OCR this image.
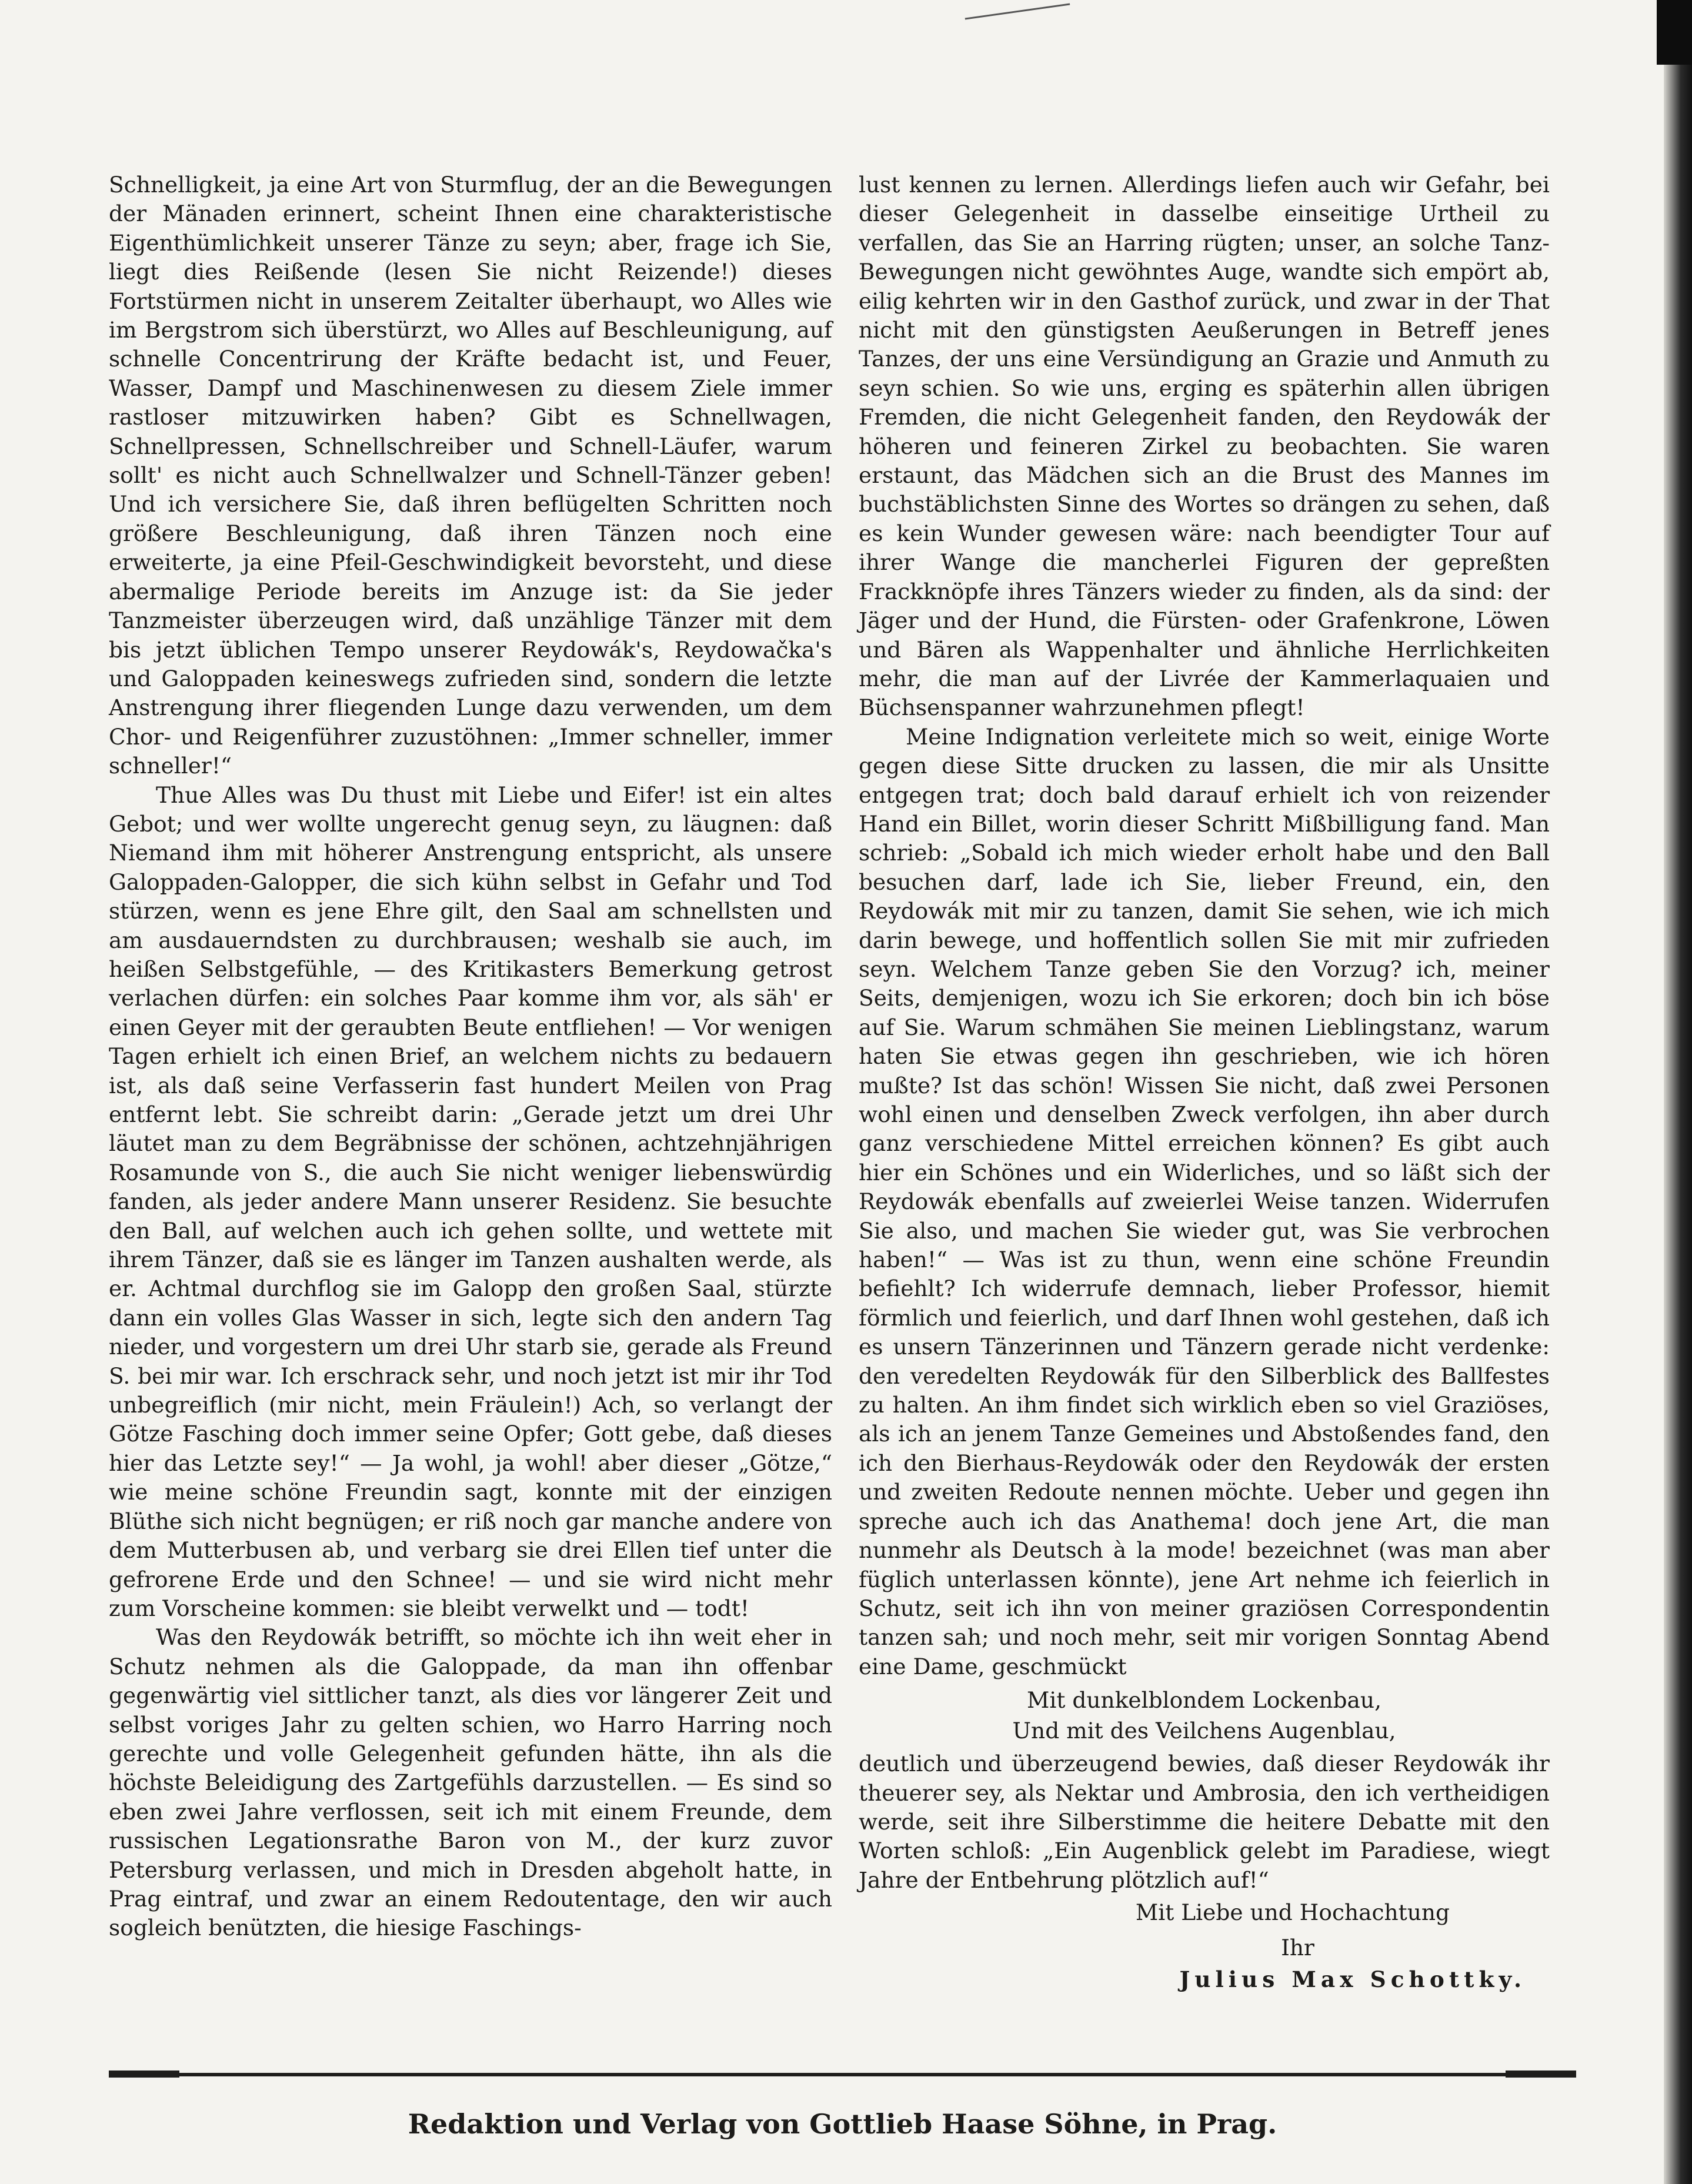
Schnelligkeit, ja eine Art von Sturmflug, der an die Bewegungen der Mänaden erinnert, scheint Ihnen eine charakteristische Eigenthümlichkeit unserer Tänze zu seyn; aber, frage ich Sie, liegt dies Reißende (lesen Sie nicht Reizende!) dieses Fortstürmen nicht in unserem Zeitalter überhaupt, wo Alles wie im Bergstrom sich überstürzt, wo Alles auf Beschleunigung, auf schnelle Concentrirung der Kräfte bedacht ist, und Feuer, Wasser, Dampf und Maschinenwesen zu diesem Ziele immer rastloser mitzuwirken haben? Gibt es Schnellwagen, Schnellpressen, Schnellschreiber und Schnell-Läufer, warum sollt' es nicht auch Schnellwalzer und Schnell-Tänzer geben! Und ich versichere Sie, daß ihren beflügelten Schritten noch größere Beschleunigung, daß ihren Tänzen noch eine erweiterte, ja eine Pfeil-Geschwindigkeit bevorsteht, und diese abermalige Periode bereits im Anzuge ist: da Sie jeder Tanzmeister überzeugen wird, daß unzählige Tänzer mit dem bis jetzt üblichen Tempo unserer Reydowák's, Reydowačka's und Galoppaden keineswegs zufrieden sind, sondern die letzte Anstrengung ihrer fliegenden Lunge dazu verwenden, um dem Chor- und Reigenführer zuzustöhnen: „Immer schneller, immer schneller!“

Thue Alles was Du thust mit Liebe und Eifer! ist ein altes Gebot; und wer wollte ungerecht genug seyn, zu läugnen: daß Niemand ihm mit höherer Anstrengung entspricht, als unsere Galoppaden-Galopper, die sich kühn selbst in Gefahr und Tod stürzen, wenn es jene Ehre gilt, den Saal am schnellsten und am ausdauerndsten zu durchbrausen; weshalb sie auch, im heißen Selbstgefühle, — des Kritikasters Bemerkung getrost verlachen dürfen: ein solches Paar komme ihm vor, als säh' er einen Geyer mit der geraubten Beute entfliehen! — Vor wenigen Tagen erhielt ich einen Brief, an welchem nichts zu bedauern ist, als daß seine Verfasserin fast hundert Meilen von Prag entfernt lebt. Sie schreibt darin: „Gerade jetzt um drei Uhr läutet man zu dem Begräbnisse der schönen, achtzehnjährigen Rosamunde von S., die auch Sie nicht weniger liebenswürdig fanden, als jeder andere Mann unserer Residenz. Sie besuchte den Ball, auf welchen auch ich gehen sollte, und wettete mit ihrem Tänzer, daß sie es länger im Tanzen aushalten werde, als er. Achtmal durchflog sie im Galopp den großen Saal, stürzte dann ein volles Glas Wasser in sich, legte sich den andern Tag nieder, und vorgestern um drei Uhr starb sie, gerade als Freund S. bei mir war. Ich erschrack sehr, und noch jetzt ist mir ihr Tod unbegreiflich (mir nicht, mein Fräulein!) Ach, so verlangt der Götze Fasching doch immer seine Opfer; Gott gebe, daß dieses hier das Letzte sey!“ — Ja wohl, ja wohl! aber dieser „Götze,“ wie meine schöne Freundin sagt, konnte mit der einzigen Blüthe sich nicht begnügen; er riß noch gar manche andere von dem Mutterbusen ab, und verbarg sie drei Ellen tief unter die gefrorene Erde und den Schnee! — und sie wird nicht mehr zum Vorscheine kommen: sie bleibt verwelkt und — todt!

Was den Reydowák betrifft, so möchte ich ihn weit eher in Schutz nehmen als die Galoppade, da man ihn offenbar gegenwärtig viel sittlicher tanzt, als dies vor längerer Zeit und selbst voriges Jahr zu gelten schien, wo Harro Harring noch gerechte und volle Gelegenheit gefunden hätte, ihn als die höchste Beleidigung des Zartgefühls darzustellen. — Es sind so eben zwei Jahre verflossen, seit ich mit einem Freunde, dem russischen Legationsrathe Baron von M., der kurz zuvor Petersburg verlassen, und mich in Dresden abgeholt hatte, in Prag eintraf, und zwar an einem Redoutentage, den wir auch sogleich benützten, die hiesige Faschings-

lust kennen zu lernen. Allerdings liefen auch wir Gefahr, bei dieser Gelegenheit in dasselbe einseitige Urtheil zu verfallen, das Sie an Harring rügten; unser, an solche Tanz-Bewegungen nicht gewöhntes Auge, wandte sich empört ab, eilig kehrten wir in den Gasthof zurück, und zwar in der That nicht mit den günstigsten Aeußerungen in Betreff jenes Tanzes, der uns eine Versündigung an Grazie und Anmuth zu seyn schien. So wie uns, erging es späterhin allen übrigen Fremden, die nicht Gelegenheit fanden, den Reydowák der höheren und feineren Zirkel zu beobachten. Sie waren erstaunt, das Mädchen sich an die Brust des Mannes im buchstäblichsten Sinne des Wortes so drängen zu sehen, daß es kein Wunder gewesen wäre: nach beendigter Tour auf ihrer Wange die mancherlei Figuren der gepreßten Frackknöpfe ihres Tänzers wieder zu finden, als da sind: der Jäger und der Hund, die Fürsten- oder Grafenkrone, Löwen und Bären als Wappenhalter und ähnliche Herrlichkeiten mehr, die man auf der Livrée der Kammerlaquaien und Büchsenspanner wahrzunehmen pflegt!

Meine Indignation verleitete mich so weit, einige Worte gegen diese Sitte drucken zu lassen, die mir als Unsitte entgegen trat; doch bald darauf erhielt ich von reizender Hand ein Billet, worin dieser Schritt Mißbilligung fand. Man schrieb: „Sobald ich mich wieder erholt habe und den Ball besuchen darf, lade ich Sie, lieber Freund, ein, den Reydowák mit mir zu tanzen, damit Sie sehen, wie ich mich darin bewege, und hoffentlich sollen Sie mit mir zufrieden seyn. Welchem Tanze geben Sie den Vorzug? ich, meiner Seits, demjenigen, wozu ich Sie erkoren; doch bin ich böse auf Sie. Warum schmähen Sie meinen Lieblingstanz, warum haten Sie etwas gegen ihn geschrieben, wie ich hören mußte? Ist das schön! Wissen Sie nicht, daß zwei Personen wohl einen und denselben Zweck verfolgen, ihn aber durch ganz verschiedene Mittel erreichen können? Es gibt auch hier ein Schönes und ein Widerliches, und so läßt sich der Reydowák ebenfalls auf zweierlei Weise tanzen. Widerrufen Sie also, und machen Sie wieder gut, was Sie verbrochen haben!“ — Was ist zu thun, wenn eine schöne Freundin befiehlt? Ich widerrufe demnach, lieber Professor, hiemit förmlich und feierlich, und darf Ihnen wohl gestehen, daß ich es unsern Tänzerinnen und Tänzern gerade nicht verdenke: den veredelten Reydowák für den Silberblick des Ballfestes zu halten. An ihm findet sich wirklich eben so viel Graziöses, als ich an jenem Tanze Gemeines und Abstoßendes fand, den ich den Bierhaus-Reydowák oder den Reydowák der ersten und zweiten Redoute nennen möchte. Ueber und gegen ihn spreche auch ich das Anathema! doch jene Art, die man nunmehr als Deutsch à la mode! bezeichnet (was man aber füglich unterlassen könnte), jene Art nehme ich feierlich in Schutz, seit ich ihn von meiner graziösen Correspondentin tanzen sah; und noch mehr, seit mir vorigen Sonntag Abend eine Dame, geschmückt

Mit dunkelblondem Lockenbau,
Und mit des Veilchens Augenblau,

deutlich und überzeugend bewies, daß dieser Reydowák ihr theuerer sey, als Nektar und Ambrosia, den ich vertheidigen werde, seit ihre Silberstimme die heitere Debatte mit den Worten schloß: „Ein Augenblick gelebt im Paradiese, wiegt Jahre der Entbehrung plötzlich auf!“

Mit Liebe und Hochachtung
Ihr
Julius Max Schottky.
Redaktion und Verlag von Gottlieb Haase Söhne, in Prag.
